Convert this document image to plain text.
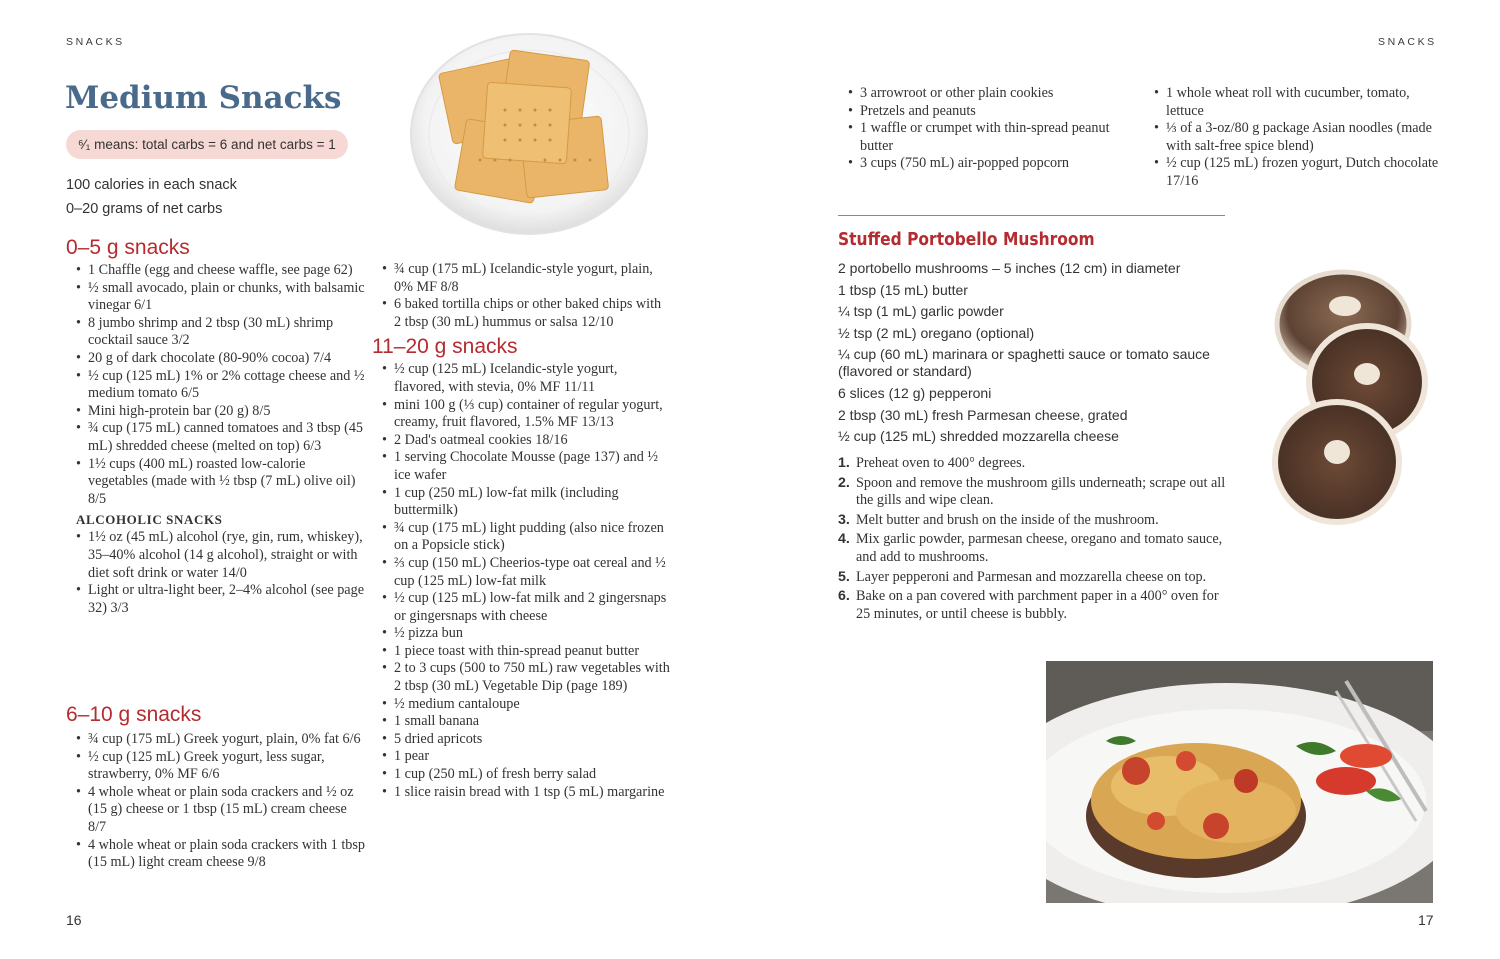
SNACKS
Medium Snacks
⁶⁄₁ means: total carbs = 6 and net carbs = 1
100 calories in each snack
0–20 grams of net carbs
0–5 g snacks
• 1 Chaffle (egg and cheese waffle, see page 62)
• ½ small avocado, plain or chunks, with balsamic vinegar 6/1
• 8 jumbo shrimp and 2 tbsp (30 mL) shrimp cocktail sauce 3/2
• 20 g of dark chocolate (80-90% cocoa) 7/4
• ½ cup (125 mL) 1% or 2% cottage cheese and ½ medium tomato 6/5
• Mini high-protein bar (20 g) 8/5
• ¾ cup (175 mL) canned tomatoes and 3 tbsp (45 mL) shredded cheese (melted on top) 6/3
• 1½ cups (400 mL) roasted low-calorie vegetables (made with ½ tbsp (7 mL) olive oil) 8/5
ALCOHOLIC SNACKS
• 1½ oz (45 mL) alcohol (rye, gin, rum, whiskey), 35–40% alcohol (14 g alcohol), straight or with diet soft drink or water 14/0
• Light or ultra-light beer, 2–4% alcohol (see page 32) 3/3
6–10 g snacks
• ¾ cup (175 mL) Greek yogurt, plain, 0% fat 6/6
• ½ cup (125 mL) Greek yogurt, less sugar, strawberry, 0% MF 6/6
• 4 whole wheat or plain soda crackers and ½ oz (15 g) cheese or 1 tbsp (15 mL) cream cheese 8/7
• 4 whole wheat or plain soda crackers with 1 tbsp (15 mL) light cream cheese 9/8
• ¾ cup (175 mL) Icelandic-style yogurt, plain, 0% MF 8/8
• 6 baked tortilla chips or other baked chips with 2 tbsp (30 mL) hummus or salsa 12/10
11–20 g snacks
• ½ cup (125 mL) Icelandic-style yogurt, flavored, with stevia, 0% MF 11/11
• mini 100 g (⅓ cup) container of regular yogurt, creamy, fruit flavored, 1.5% MF 13/13
• 2 Dad's oatmeal cookies 18/16
• 1 serving Chocolate Mousse (page 137) and ½ ice wafer
• 1 cup (250 mL) low-fat milk (including buttermilk)
• ¾ cup (175 mL) light pudding (also nice frozen on a Popsicle stick)
• ⅔ cup (150 mL) Cheerios-type oat cereal and ½ cup (125 mL) low-fat milk
• ½ cup (125 mL) low-fat milk and 2 gingersnaps or gingersnaps with cheese
• ½ pizza bun
• 1 piece toast with thin-spread peanut butter
• 2 to 3 cups (500 to 750 mL) raw vegetables with 2 tbsp (30 mL) Vegetable Dip (page 189)
• ½ medium cantaloupe
• 1 small banana
• 5 dried apricots
• 1 pear
• 1 cup (250 mL) of fresh berry salad
• 1 slice raisin bread with 1 tsp (5 mL) margarine
16
SNACKS
• 3 arrowroot or other plain cookies
• Pretzels and peanuts
• 1 waffle or crumpet with thin-spread peanut butter
• 3 cups (750 mL) air-popped popcorn
• 1 whole wheat roll with cucumber, tomato, lettuce
• ⅓ of a 3-oz/80 g package Asian noodles (made with salt-free spice blend)
• ½ cup (125 mL) frozen yogurt, Dutch chocolate 17/16
Stuffed Portobello Mushroom
2 portobello mushrooms – 5 inches (12 cm) in diameter
1 tbsp (15 mL) butter
¼ tsp (1 mL) garlic powder
½ tsp (2 mL) oregano (optional)
¼ cup (60 mL) marinara or spaghetti sauce or tomato sauce (flavored or standard)
6 slices (12 g) pepperoni
2 tbsp (30 mL) fresh Parmesan cheese, grated
½ cup (125 mL) shredded mozzarella cheese
1. Preheat oven to 400° degrees.
2. Spoon and remove the mushroom gills underneath; scrape out all the gills and wipe clean.
3. Melt butter and brush on the inside of the mushroom.
4. Mix garlic powder, parmesan cheese, oregano and tomato sauce, and add to mushrooms.
5. Layer pepperoni and Parmesan and mozzarella cheese on top.
6. Bake on a pan covered with parchment paper in a 400° oven for 25 minutes, or until cheese is bubbly.
17
